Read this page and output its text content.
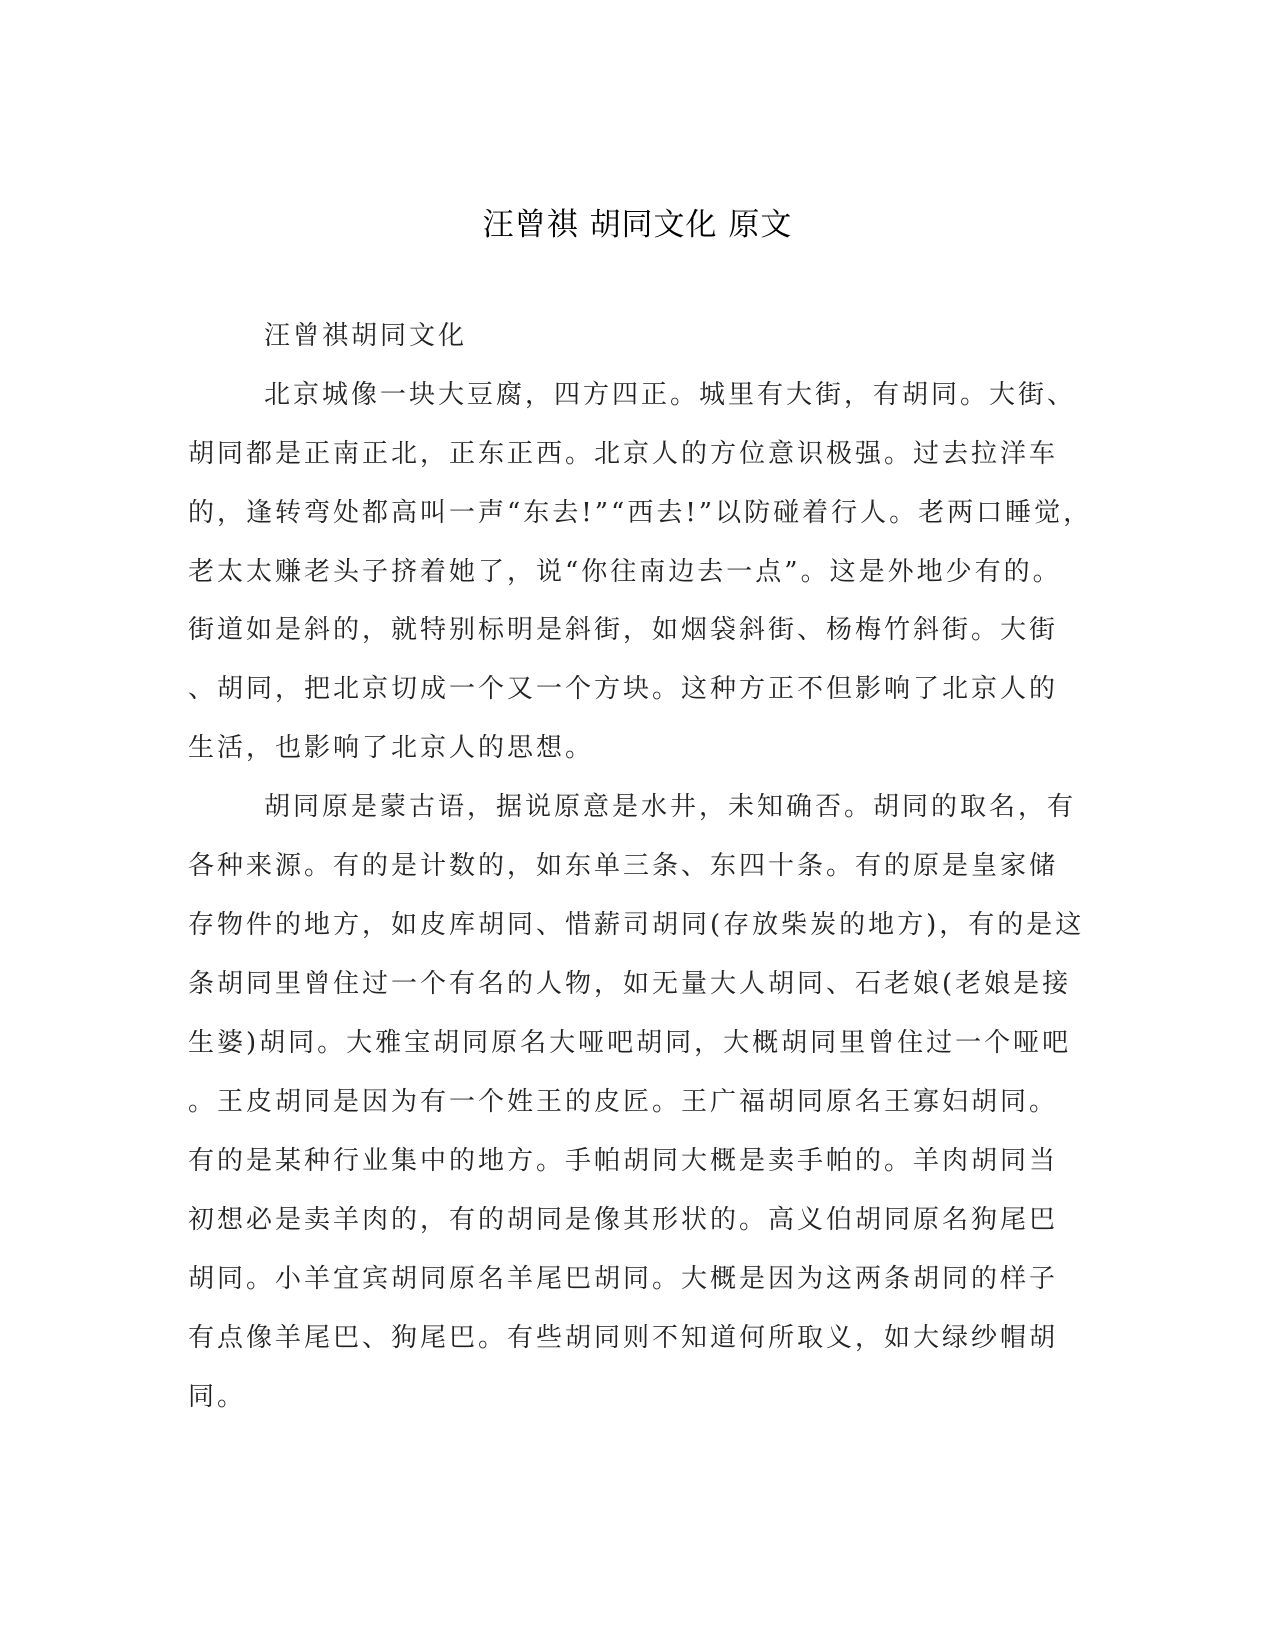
汪曾祺 胡同文化 原文
汪曾祺胡同文化
北京城像一块大豆腐，四方四正。城里有大街，有胡同。大街、
胡同都是正南正北，正东正西。北京人的方位意识极强。过去拉洋车
的，逢转弯处都高叫一声“东去!”“西去!”以防碰着行人。老两口睡觉，
老太太赚老头子挤着她了，说“你往南边去一点”。这是外地少有的。
街道如是斜的，就特别标明是斜街，如烟袋斜街、杨梅竹斜街。大街
、胡同，把北京切成一个又一个方块。这种方正不但影响了北京人的
生活，也影响了北京人的思想。
胡同原是蒙古语，据说原意是水井，未知确否。胡同的取名，有
各种来源。有的是计数的，如东单三条、东四十条。有的原是皇家储
存物件的地方，如皮库胡同、惜薪司胡同(存放柴炭的地方)，有的是这
条胡同里曾住过一个有名的人物，如无量大人胡同、石老娘(老娘是接
生婆)胡同。大雅宝胡同原名大哑吧胡同，大概胡同里曾住过一个哑吧
。王皮胡同是因为有一个姓王的皮匠。王广福胡同原名王寡妇胡同。
有的是某种行业集中的地方。手帕胡同大概是卖手帕的。羊肉胡同当
初想必是卖羊肉的，有的胡同是像其形状的。高义伯胡同原名狗尾巴
胡同。小羊宜宾胡同原名羊尾巴胡同。大概是因为这两条胡同的样子
有点像羊尾巴、狗尾巴。有些胡同则不知道何所取义，如大绿纱帽胡
同。
